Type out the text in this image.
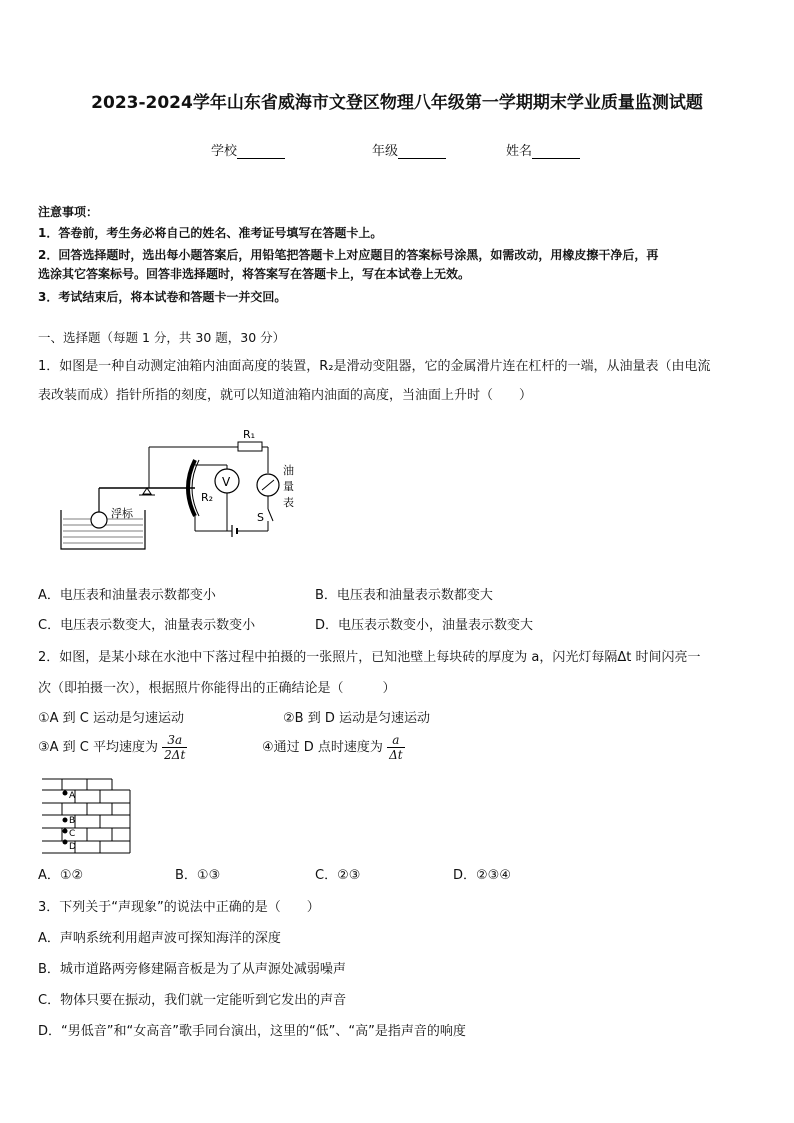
2023-2024学年山东省威海市文登区物理八年级第一学期期末学业质量监测试题
学校	年级	姓名
注意事项：
1．答卷前，考生务必将自己的姓名、准考证号填写在答题卡上。
2．回答选择题时，选出每小题答案后，用铅笔把答题卡上对应题目的答案标号涂黑，如需改动，用橡皮擦干净后，再
选涂其它答案标号。回答非选择题时，将答案写在答题卡上，写在本试卷上无效。
3．考试结束后，将本试卷和答题卡一并交回。
一、选择题（每题 1 分，共 30 题，30 分）
1．如图是一种自动测定油箱内油面高度的装置，R₂是滑动变阻器，它的金属滑片连在杠杆的一端，从油量表（由电流
表改装而成）指针所指的刻度，就可以知道油箱内油面的高度，当油面上升时（　　）
浮标
R₂
R₁
V
油
量
表
S
A．电压表和油量表示数都变小	B．电压表和油量表示数都变大
C．电压表示数变大，油量表示数变小	D．电压表示数变小，油量表示数变大
2．如图，是某小球在水池中下落过程中拍摄的一张照片，已知池壁上每块砖的厚度为 a，闪光灯每隔Δt 时间闪亮一
次（即拍摄一次），根据照片你能得出的正确结论是（　　　）
①A 到 C 运动是匀速运动	②B 到 D 运动是匀速运动
③A 到 C 平均速度为 $\frac{3a}{2\Delta t}$	④通过 D 点时速度为 $\frac{a}{\Delta t}$
A
B
C
D
A．①②	B．①③	C．②③	D．②③④
3．下列关于“声现象”的说法中正确的是（　　）
A．声呐系统利用超声波可探知海洋的深度
B．城市道路两旁修建隔音板是为了从声源处减弱噪声
C．物体只要在振动，我们就一定能听到它发出的声音
D．“男低音”和“女高音”歌手同台演出，这里的“低”、“高”是指声音的响度
